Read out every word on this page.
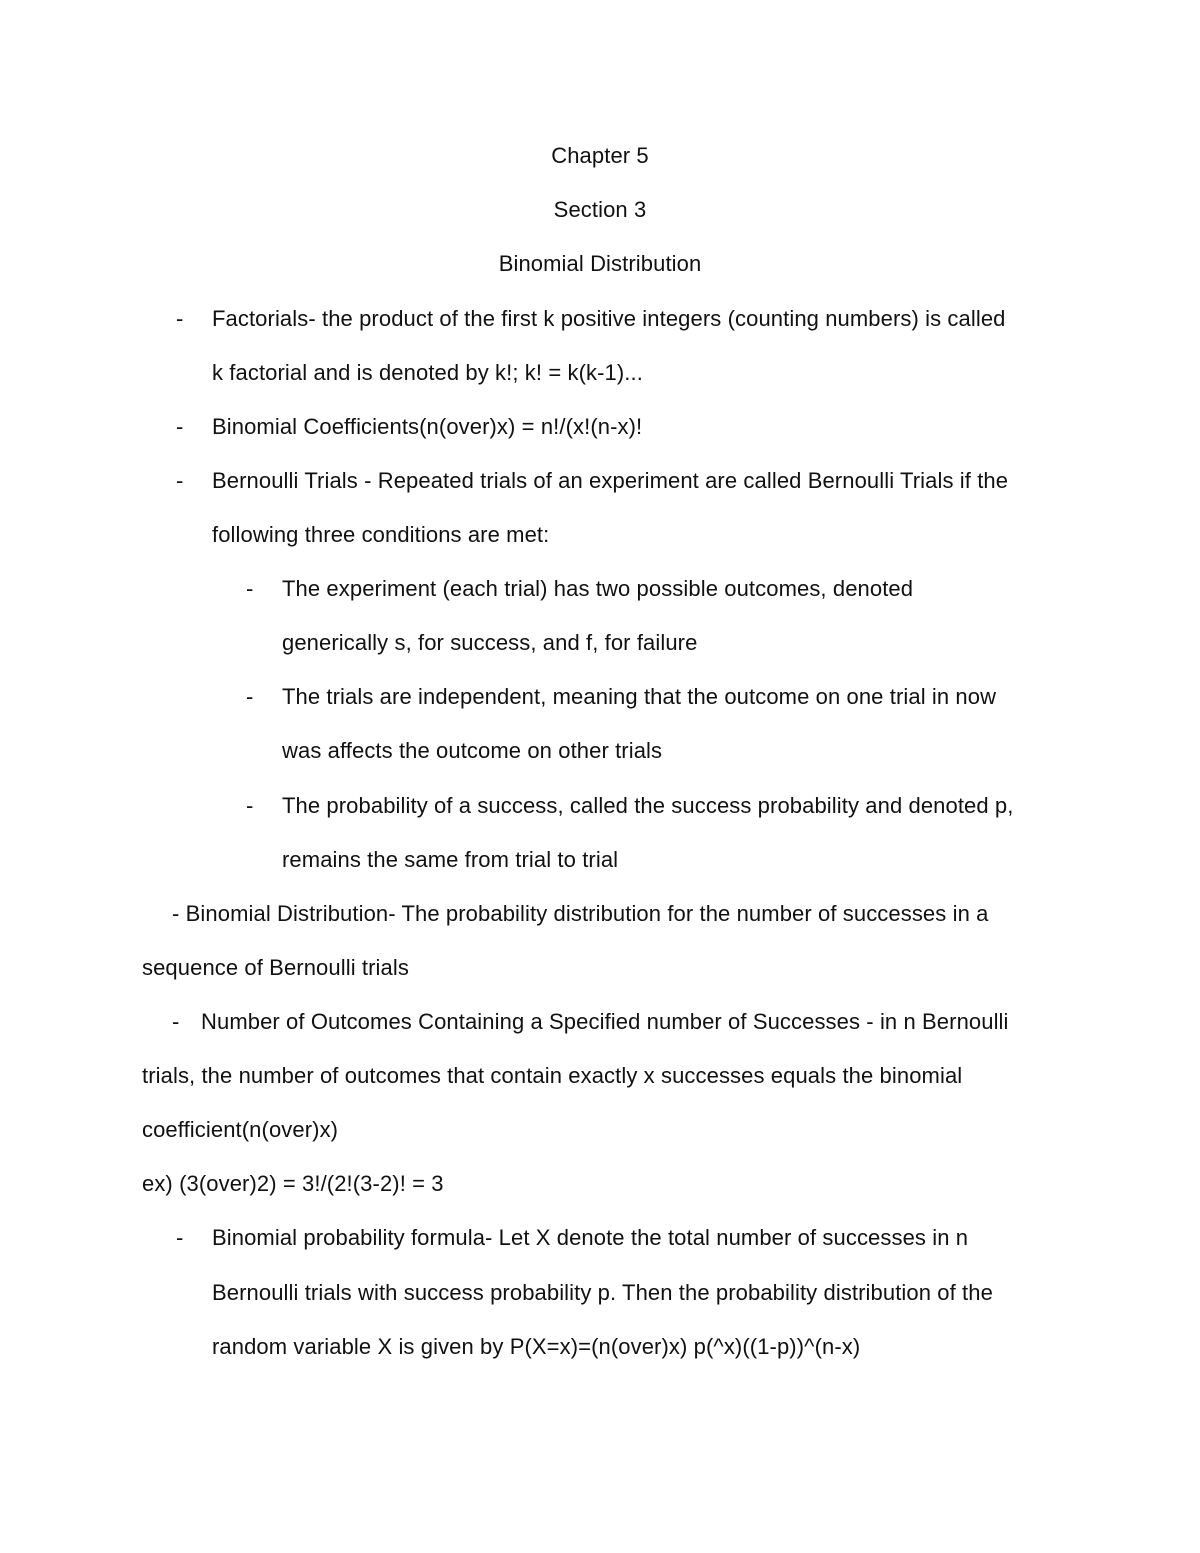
Chapter 5
Section 3
Binomial Distribution
- Factorials- the product of the first k positive integers (counting numbers) is called
k factorial and is denoted by k!; k! = k(k-1)...
- Binomial Coefficients(n(over)x) = n!/(x!(n-x)!
- Bernoulli Trials - Repeated trials of an experiment are called Bernoulli Trials if the
following three conditions are met:
- The experiment (each trial) has two possible outcomes, denoted
generically s, for success, and f, for failure
- The trials are independent, meaning that the outcome on one trial in now
was affects the outcome on other trials
- The probability of a success, called the success probability and denoted p,
remains the same from trial to trial
- Binomial Distribution- The probability distribution for the number of successes in a
sequence of Bernoulli trials
- Number of Outcomes Containing a Specified number of Successes - in n Bernoulli
trials, the number of outcomes that contain exactly x successes equals the binomial
coefficient(n(over)x)
ex) (3(over)2) = 3!/(2!(3-2)! = 3
- Binomial probability formula- Let X denote the total number of successes in n
Bernoulli trials with success probability p. Then the probability distribution of the
random variable X is given by P(X=x)=(n(over)x) p(^x)((1-p))^(n-x)
